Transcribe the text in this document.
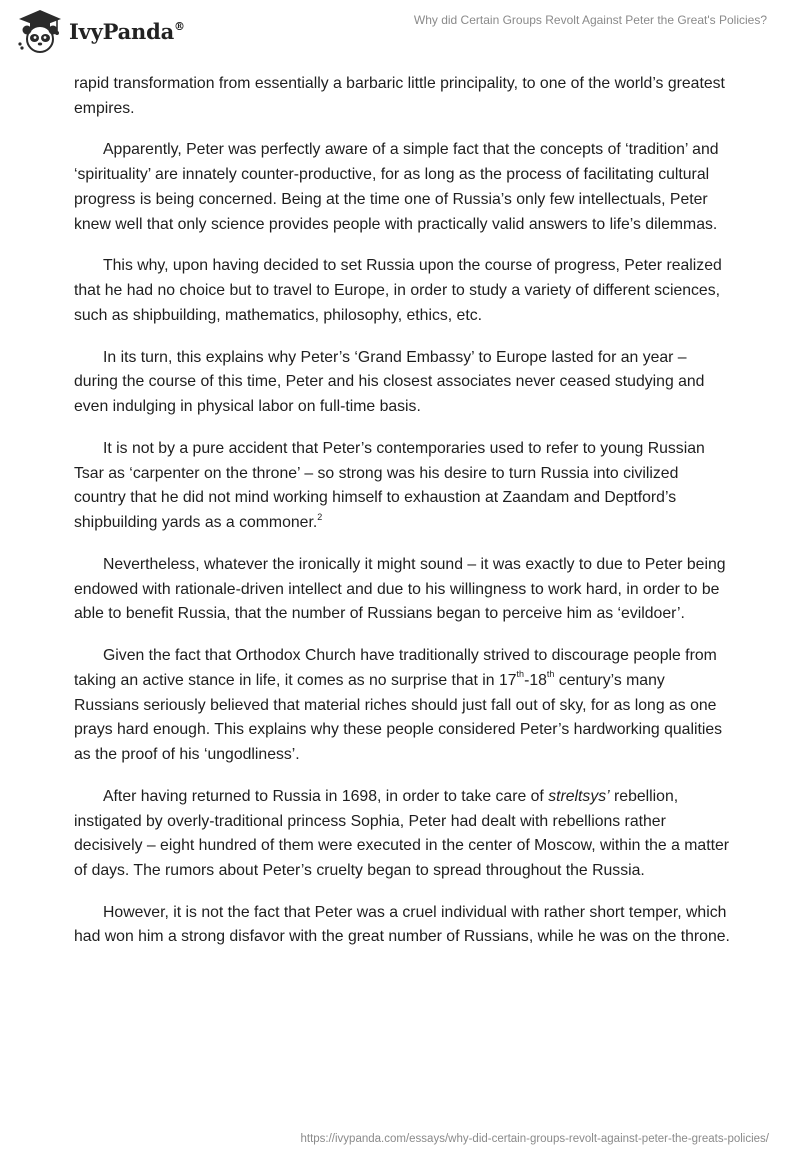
IvyPanda®	Why did Certain Groups Revolt Against Peter the Great's Policies?

rapid transformation from essentially a barbaric little principality, to one of the world’s greatest empires.

Apparently, Peter was perfectly aware of a simple fact that the concepts of ‘tradition’ and ‘spirituality’ are innately counter-productive, for as long as the process of facilitating cultural progress is being concerned. Being at the time one of Russia’s only few intellectuals, Peter knew well that only science provides people with practically valid answers to life’s dilemmas.

This why, upon having decided to set Russia upon the course of progress, Peter realized that he had no choice but to travel to Europe, in order to study a variety of different sciences, such as shipbuilding, mathematics, philosophy, ethics, etc.

In its turn, this explains why Peter’s ‘Grand Embassy’ to Europe lasted for an year – during the course of this time, Peter and his closest associates never ceased studying and even indulging in physical labor on full-time basis.

It is not by a pure accident that Peter’s contemporaries used to refer to young Russian Tsar as ‘carpenter on the throne’ – so strong was his desire to turn Russia into civilized country that he did not mind working himself to exhaustion at Zaandam and Deptford’s shipbuilding yards as a commoner.$^2$

Nevertheless, whatever the ironically it might sound – it was exactly to due to Peter being endowed with rationale-driven intellect and due to his willingness to work hard, in order to be able to benefit Russia, that the number of Russians began to perceive him as ‘evildoer’.

Given the fact that Orthodox Church have traditionally strived to discourage people from taking an active stance in life, it comes as no surprise that in 17th-18th century’s many Russians seriously believed that material riches should just fall out of sky, for as long as one prays hard enough. This explains why these people considered Peter’s hardworking qualities as the proof of his ‘ungodliness’.

After having returned to Russia in 1698, in order to take care of streltsys’ rebellion, instigated by overly-traditional princess Sophia, Peter had dealt with rebellions rather decisively – eight hundred of them were executed in the center of Moscow, within the a matter of days. The rumors about Peter’s cruelty began to spread throughout the Russia.

However, it is not the fact that Peter was a cruel individual with rather short temper, which had won him a strong disfavor with the great number of Russians, while he was on the throne.

https://ivypanda.com/essays/why-did-certain-groups-revolt-against-peter-the-greats-policies/
